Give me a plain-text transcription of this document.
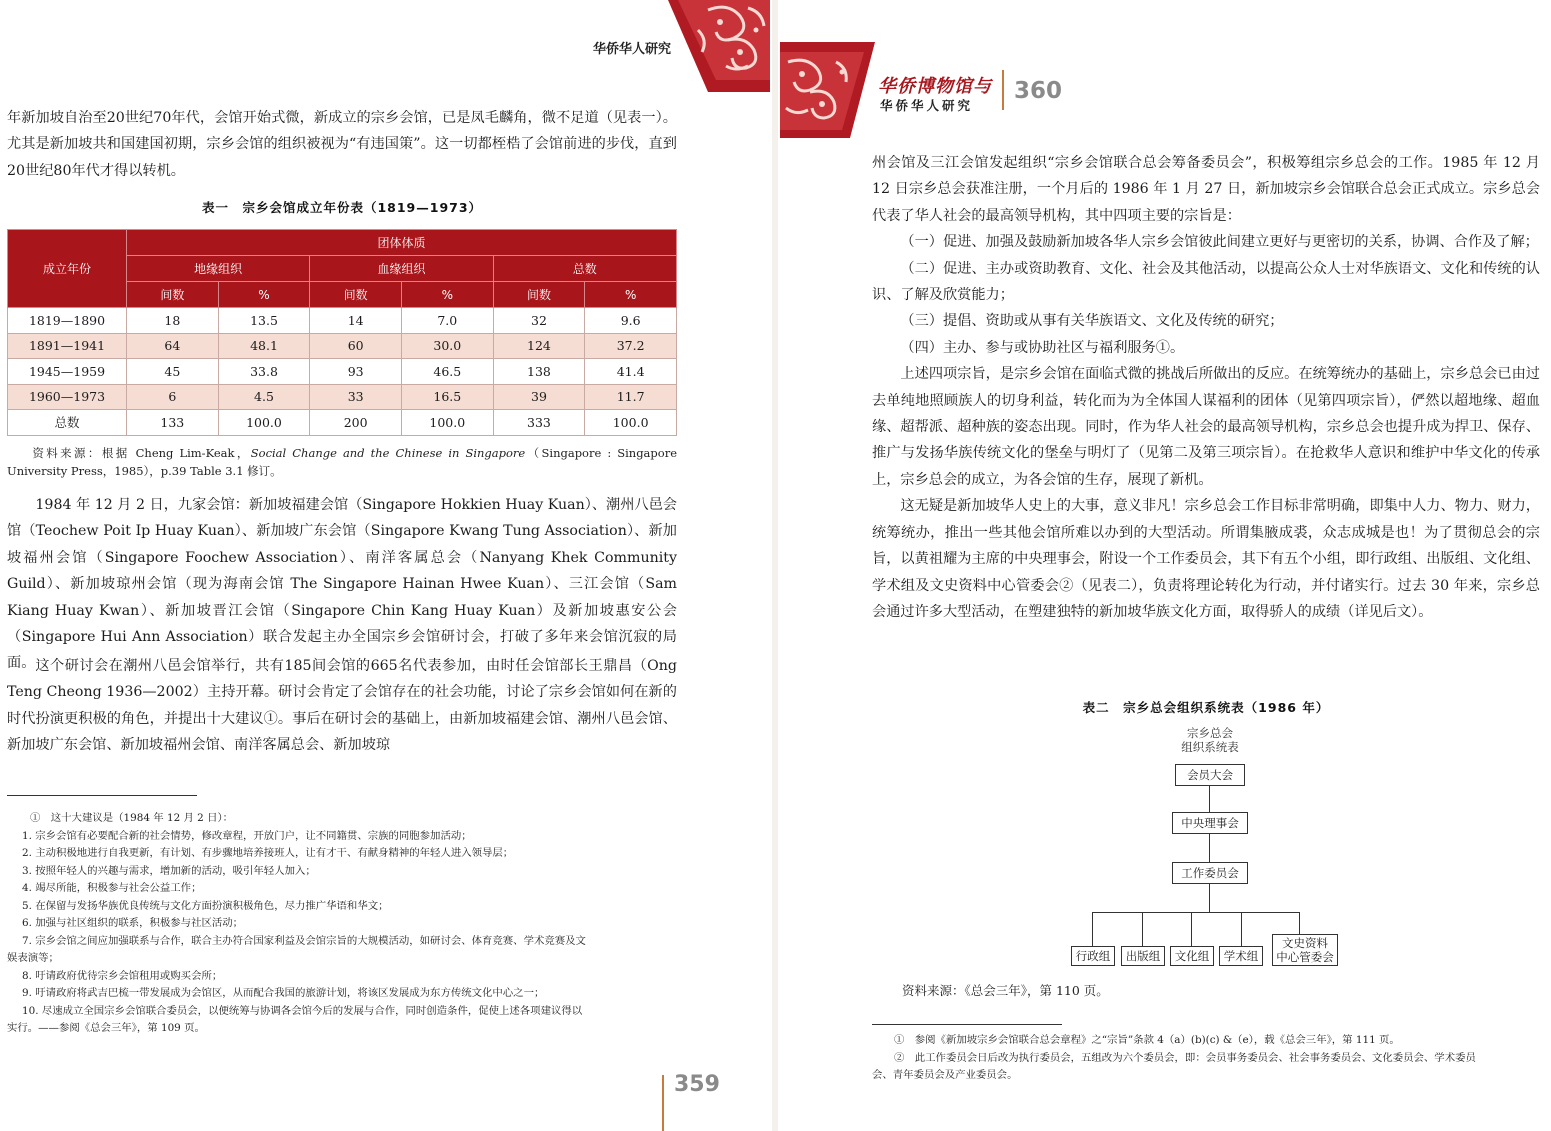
华侨华人研究

年新加坡自治至20世纪70年代，会馆开始式微，新成立的宗乡会馆，已是凤毛麟角，微不足道（见表一）。尤其是新加坡共和国建国初期，宗乡会馆的组织被视为“有违国策”。这一切都桎梏了会馆前进的步伐，直到20世纪80年代才得以转机。

表一　宗乡会馆成立年份表（1819—1973）
成立年份	团体体质					
	地缘组织		血缘组织		总数	
	间数	%	间数	%	间数	%
1819—1890	18	13.5	14	7.0	32	9.6
1891—1941	64	48.1	60	30.0	124	37.2
1945—1959	45	33.8	93	46.5	138	41.4
1960—1973	6	4.5	33	16.5	39	11.7
总数	133	100.0	200	100.0	333	100.0
资料来源：根据 Cheng Lim-Keak，Social Change and the Chinese in Singapore（Singapore : Singapore University Press，1985），p.39 Table 3.1 修订。

1984 年 12 月 2 日，九家会馆：新加坡福建会馆（Singapore Hokkien Huay Kuan）、潮州八邑会馆（Teochew Poit Ip Huay Kuan）、新加坡广东会馆（Singapore Kwang Tung Association）、新加坡福州会馆（Singapore Foochew Association）、南洋客属总会（Nanyang Khek Community Guild）、新加坡琼州会馆（现为海南会馆 The Singapore Hainan Hwee Kuan）、三江会馆（Sam Kiang Huay Kwan）、新加坡晋江会馆（Singapore Chin Kang Huay Kuan）及新加坡惠安公会（Singapore Hui Ann Association）联合发起主办全国宗乡会馆研讨会，打破了多年来会馆沉寂的局面。 这个研讨会在潮州八邑会馆举行，共有185间会馆的665名代表参加，由时任会馆部长王鼎昌（Ong Teng Cheong 1936—2002）主持开幕。研讨会肯定了会馆存在的社会功能，讨论了宗乡会馆如何在新的时代扮演更积极的角色，并提出十大建议①。事后在研讨会的基础上，由新加坡福建会馆、潮州八邑会馆、新加坡广东会馆、新加坡福州会馆、南洋客属总会、新加坡琼

①　这十大建议是（1984 年 12 月 2 日）：
1. 宗乡会馆有必要配合新的社会情势，修改章程，开放门户，让不同籍贯、宗族的同胞参加活动；
2. 主动积极地进行自我更新，有计划、有步骤地培养接班人，让有才干、有献身精神的年轻人进入领导层；
3. 按照年轻人的兴趣与需求，增加新的活动，吸引年轻人加入；
4. 竭尽所能，积极参与社会公益工作；
5. 在保留与发扬华族优良传统与文化方面扮演积极角色，尽力推广华语和华文；
6. 加强与社区组织的联系，积极参与社区活动；
7. 宗乡会馆之间应加强联系与合作，联合主办符合国家利益及会馆宗旨的大规模活动，如研讨会、体育竞赛、学术竞赛及文
娱表演等；
8. 吁请政府优待宗乡会馆租用或购买会所；
9. 吁请政府将武吉巴梳一带发展成为会馆区，从而配合我国的旅游计划，将该区发展成为东方传统文化中心之一；
10. 尽速成立全国宗乡会馆联合委员会，以便统筹与协调各会馆今后的发展与合作，同时创造条件，促使上述各项建议得以
实行。——参阅《总会三年》，第 109 页。
359
华侨博物馆与
华侨华人研究
360

州会馆及三江会馆发起组织“宗乡会馆联合总会筹备委员会”，积极筹组宗乡总会的工作。1985 年 12 月 12 日宗乡总会获准注册，一个月后的 1986 年 1 月 27 日，新加坡宗乡会馆联合总会正式成立。宗乡总会代表了华人社会的最高领导机构，其中四项主要的宗旨是：

（一）促进、加强及鼓励新加坡各华人宗乡会馆彼此间建立更好与更密切的关系，协调、合作及了解；

（二）促进、主办或资助教育、文化、社会及其他活动，以提高公众人士对华族语文、文化和传统的认识、了解及欣赏能力；

（三）提倡、资助或从事有关华族语文、文化及传统的研究；

（四）主办、参与或协助社区与福利服务①。

上述四项宗旨，是宗乡会馆在面临式微的挑战后所做出的反应。在统筹统办的基础上，宗乡总会已由过去单纯地照顾族人的切身利益，转化而为为全体国人谋福利的团体（见第四项宗旨），俨然以超地缘、超血缘、超帮派、超种族的姿态出现。同时，作为华人社会的最高领导机构，宗乡总会也提升成为捍卫、保存、推广与发扬华族传统文化的堡垒与明灯了（见第二及第三项宗旨）。在抢救华人意识和维护中华文化的传承上，宗乡总会的成立，为各会馆的生存，展现了新机。

这无疑是新加坡华人史上的大事，意义非凡！宗乡总会工作目标非常明确，即集中人力、物力、财力，统筹统办，推出一些其他会馆所难以办到的大型活动。所谓集腋成裘，众志成城是也！为了贯彻总会的宗旨，以黄祖耀为主席的中央理事会，附设一个工作委员会，其下有五个小组，即行政组、出版组、文化组、学术组及文史资料中心管委会②（见表二），负责将理论转化为行动，并付诸实行。过去 30 年来，宗乡总会通过许多大型活动，在塑建独特的新加坡华族文化方面，取得骄人的成绩（详见后文）。

表二　宗乡总会组织系统表（1986 年）
宗乡总会
组织系统表
会员大会
中央理事会
工作委员会
行政组	出版组	文化组	学术组
文史资料
中心管委会
资料来源：《总会三年》，第 110 页。
①　参阅《新加坡宗乡会馆联合总会章程》之“宗旨”条款 4（a）(b)(c) &（e），载《总会三年》，第 111 页。
②　此工作委员会日后改为执行委员会，五组改为六个委员会，即：会员事务委员会、社会事务委员会、文化委员会、学术委员
会、青年委员会及产业委员会。
